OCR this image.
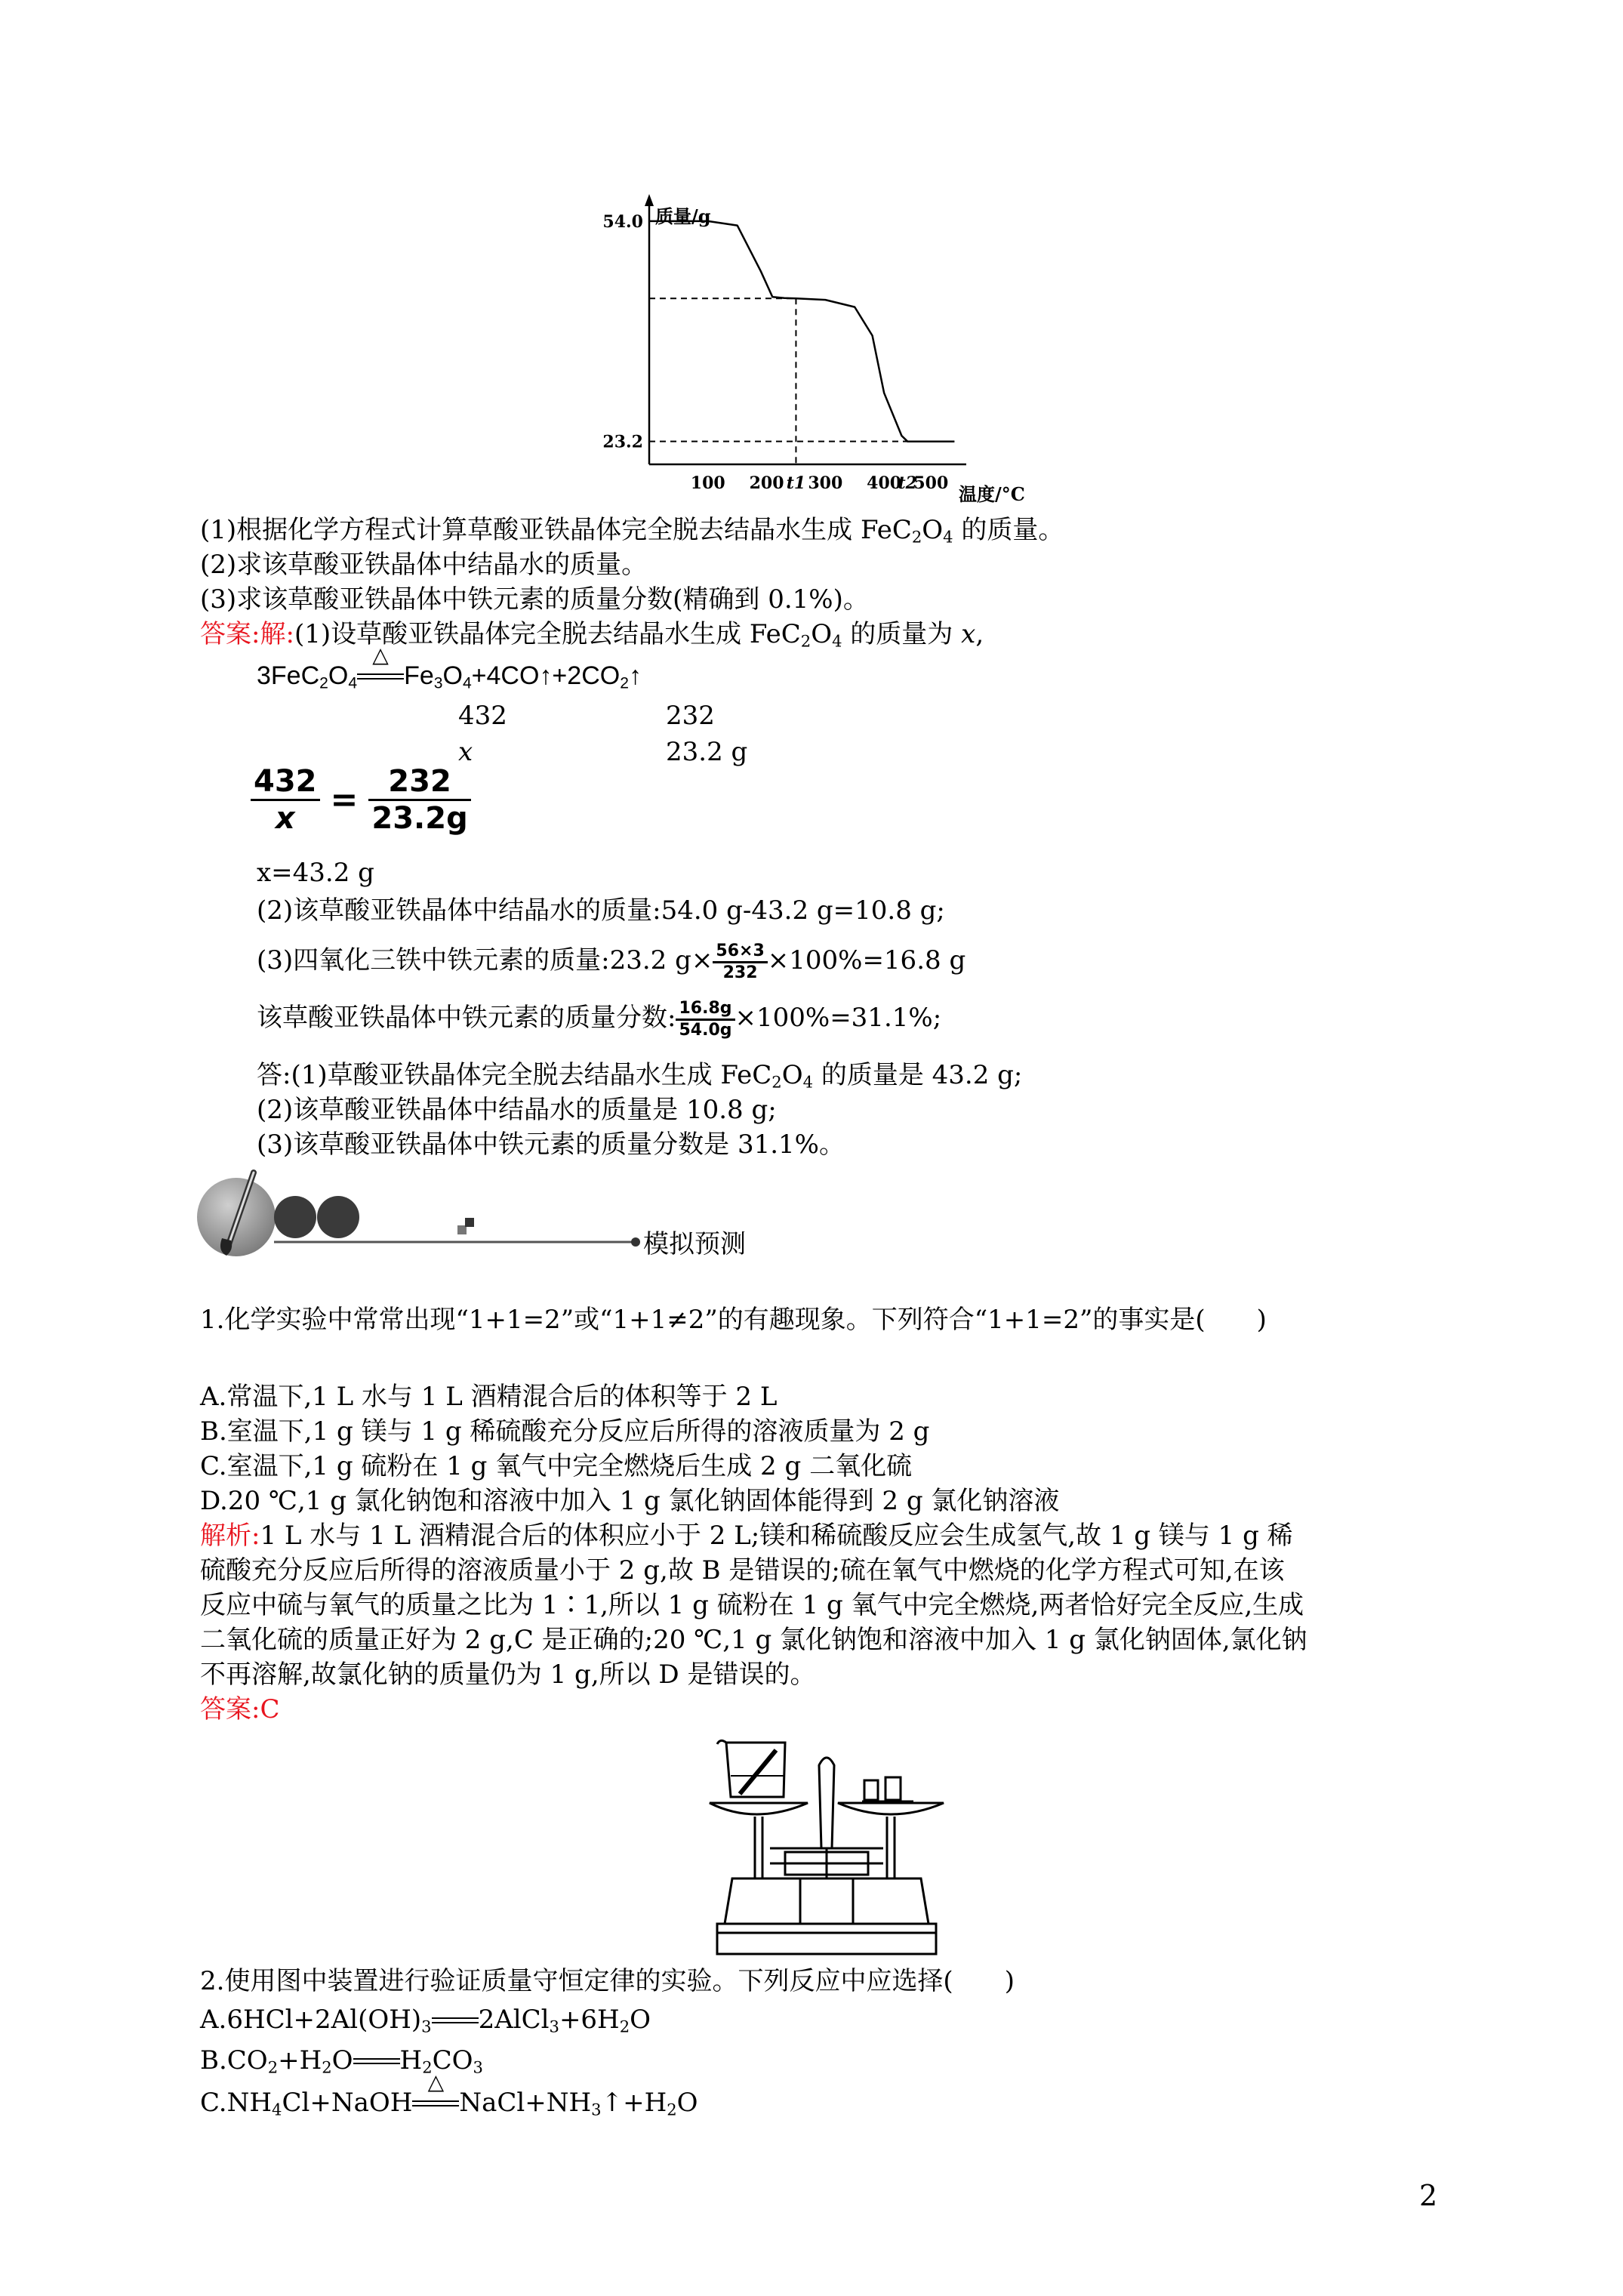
质量/g
温度/°C
54.0
23.2
100 200 t1 300 400
t2
500
(1)根据化学方程式计算草酸亚铁晶体完全脱去结晶水生成 $FeC_2O_4$ 的质量。
(2)求该草酸亚铁晶体中结晶水的质量。
(3)求该草酸亚铁晶体中铁元素的质量分数(精确到 0.1%)。
答案:解:(1)设草酸亚铁晶体完全脱去结晶水生成 $FeC_2O_4$ 的质量为 x,
$3FeC_2O_4$
△
$Fe_3O_4+4CO↑+2CO_2↑$
432	232
x	23.2 g
$\frac{432}{x} = \frac{232}{23.2g}$
x=43.2 g
(2)该草酸亚铁晶体中结晶水的质量:54.0 g-43.2 g=10.8 g;
(3)四氧化三铁中铁元素的质量:23.2 $g\times \frac{56\times 3}{232} \times 100\%=16.8$ g
该草酸亚铁晶体中铁元素的质量分数: $\frac{16.8g}{54.0g} \times 100\%=31.1\%$;
答:(1)草酸亚铁晶体完全脱去结晶水生成 $FeC_2O_4$ 的质量是 43.2 g;
(2)该草酸亚铁晶体中结晶水的质量是 10.8 g;
(3)该草酸亚铁晶体中铁元素的质量分数是 31.1%。
模拟预测
1.化学实验中常常出现“1+1=2”或“1+1≠2”的有趣现象。下列符合“1+1=2”的事实是(　　)
A.常温下,1 L 水与 1 L 酒精混合后的体积等于 2 L
B.室温下,1 g 镁与 1 g 稀硫酸充分反应后所得的溶液质量为 2 g
C.室温下,1 g 硫粉在 1 g 氧气中完全燃烧后生成 2 g 二氧化硫
D.20 ℃,1 g 氯化钠饱和溶液中加入 1 g 氯化钠固体能得到 2 g 氯化钠溶液
解析:1 L 水与 1 L 酒精混合后的体积应小于 2 L;镁和稀硫酸反应会生成氢气,故 1 g 镁与 1 g 稀
硫酸充分反应后所得的溶液质量小于 2 g,故 B 是错误的;硫在氧气中燃烧的化学方程式可知,在该
反应中硫与氧气的质量之比为 1∶1,所以 1 g 硫粉在 1 g 氧气中完全燃烧,两者恰好完全反应,生成
二氧化硫的质量正好为 2 g,C 是正确的;20 ℃,1 g 氯化钠饱和溶液中加入 1 g 氯化钠固体,氯化钠
不再溶解,故氯化钠的质量仍为 1 g,所以 D 是错误的。
答案:C
2.使用图中装置进行验证质量守恒定律的实验。下列反应中应选择(　　)
$A.6HCl+2Al(OH)_3$ $2AlCl_3+6H_2O$
$B.CO_2+H_2O$ $H_2CO_3$
$C.NH_4Cl+NaOH$
△
$NaCl+NH_3↑+H_2O$
2
